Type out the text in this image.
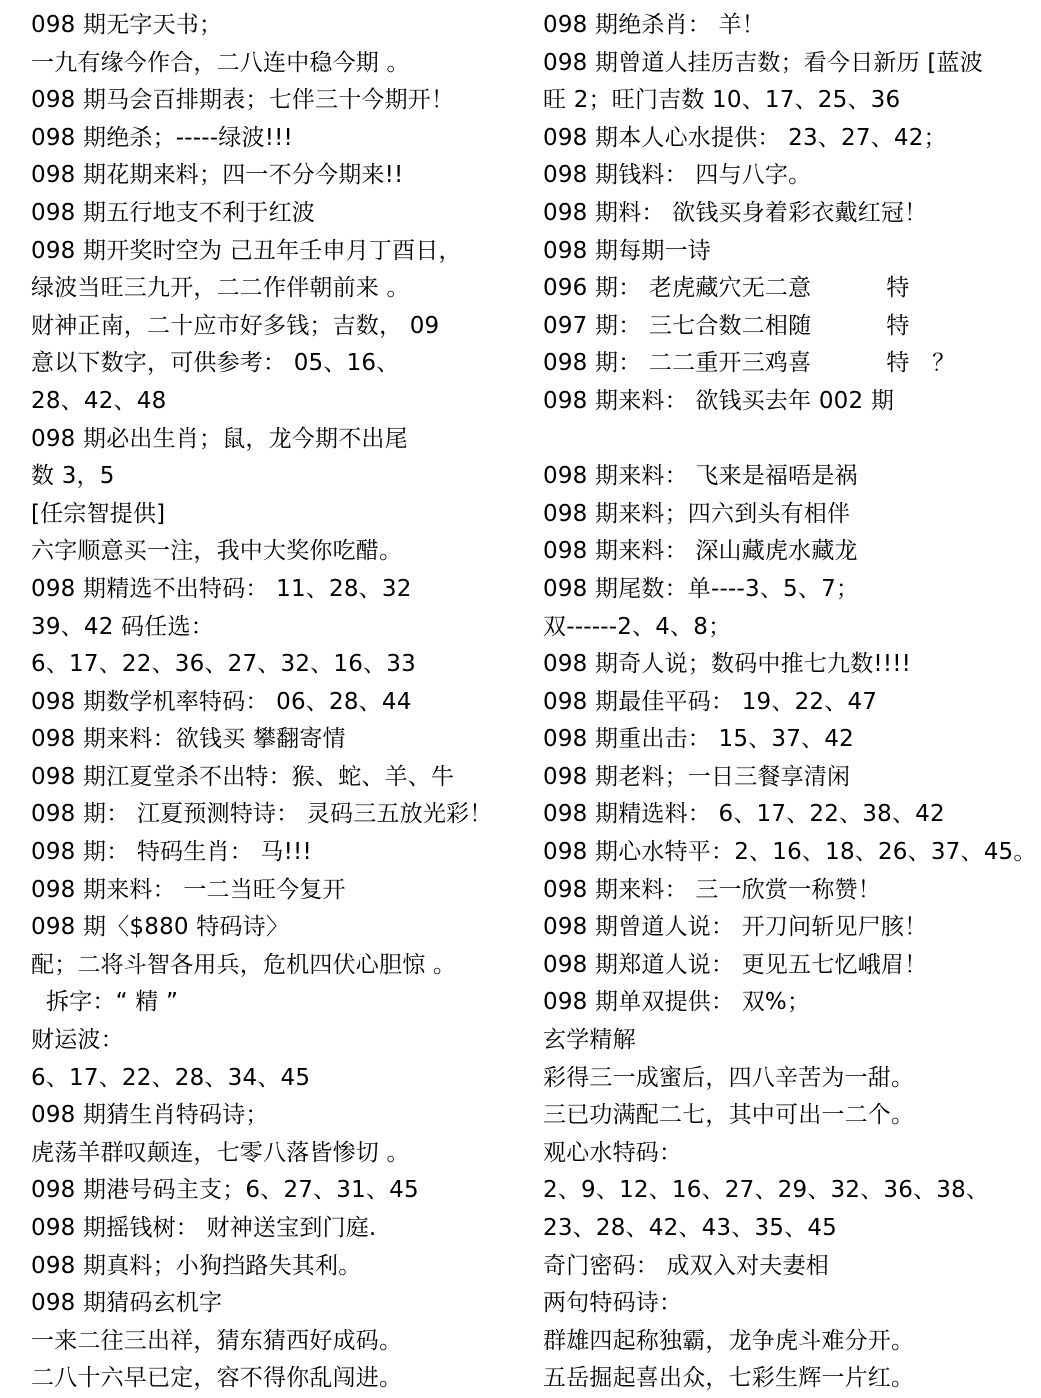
098 期无字天书；
一九有缘今作合，二八连中稳今期 。
098 期马会百排期表；七伴三十今期开！
098 期绝杀；-----绿波!!!
098 期花期来料；四一不分今期来!!
098 期五行地支不利于红波
098 期开奖时空为 己丑年壬申月丁酉日，
绿波当旺三九开，二二作伴朝前来 。
财神正南，二十应市好多钱；吉数， 09
意以下数字，可供参考： 05、16、
28、42、48
098 期必出生肖；鼠，龙今期不出尾
数 3，5
[任宗智提供]
六字顺意买一注，我中大奖你吃醋。
098 期精选不出特码： 11、28、32
39、42 码任选：
6、17、22、36、27、32、16、33
098 期数学机率特码： 06、28、44
098 期来料：欲钱买 攀翻寄情
098 期江夏堂杀不出特：猴、蛇、羊、牛
098 期： 江夏预测特诗： 灵码三五放光彩！
098 期： 特码生肖： 马!!!
098 期来料： 一二当旺今复开
098 期〈$880 特码诗〉
配；二将斗智各用兵，危机四伏心胆惊 。
拆字：“ 精 ”
财运波：
6、17、22、28、34、45
098 期猜生肖特码诗；
虎荡羊群叹颠连，七零八落皆惨切 。
098 期港号码主支；6、27、31、45
098 期摇钱树： 财神送宝到门庭.
098 期真料；小狗挡路失其利。
098 期猜码玄机字
一来二往三出祥，猜东猜西好成码。
二八十六早已定，容不得你乱闯进。
098 期绝杀肖： 羊！
098 期曾道人挂历吉数；看今日新历 [蓝波
旺 2；旺门吉数 10、17、25、36
098 期本人心水提供： 23、27、42；
098 期钱料： 四与八字。
098 期料： 欲钱买身着彩衣戴红冠！
098 期每期一诗
096 期： 老虎藏穴无二意          特
097 期： 三七合数二相随          特
098 期： 二二重开三鸡喜          特   ？
098 期来料： 欲钱买去年 002 期
098 期来料： 飞来是福唔是祸
098 期来料；四六到头有相伴
098 期来料： 深山藏虎水藏龙
098 期尾数：单----3、5、7；
双------2、4、8；
098 期奇人说；数码中推七九数!!!!
098 期最佳平码： 19、22、47
098 期重出击： 15、37、42
098 期老料；一日三餐享清闲
098 期精选料： 6、17、22、38、42
098 期心水特平：2、16、18、26、37、45。
098 期来料： 三一欣赏一称赞！
098 期曾道人说： 开刀问斩见尸胲！
098 期郑道人说： 更见五七忆峨眉！
098 期单双提供： 双%；
玄学精解
彩得三一成蜜后，四八辛苦为一甜。
三已功满配二七，其中可出一二个。
观心水特码：
2、9、12、16、27、29、32、36、38、
23、28、42、43、35、45
奇门密码： 成双入对夫妻相
两句特码诗：
群雄四起称独霸，龙争虎斗难分开。
五岳掘起喜出众，七彩生辉一片红。
